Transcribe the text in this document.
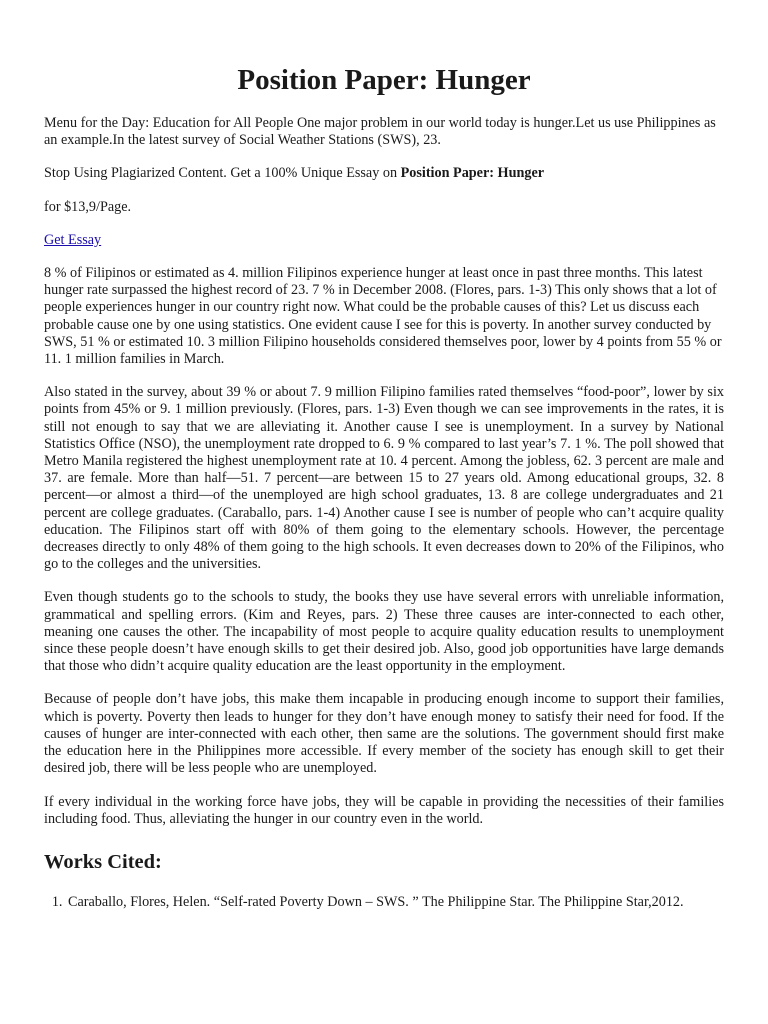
Position Paper: Hunger

Menu for the Day: Education for All People One major problem in our world today is hunger.Let us use Philippines as an example.In the latest survey of Social Weather Stations (SWS), 23.

Stop Using Plagiarized Content. Get a 100% Unique Essay on Position Paper: Hunger

for $13,9/Page.

Get Essay

8 % of Filipinos or estimated as 4. million Filipinos experience hunger at least once in past three months. This latest hunger rate surpassed the highest record of 23. 7 % in December 2008. (Flores, pars. 1-3) This only shows that a lot of people experiences hunger in our country right now. What could be the probable causes of this? Let us discuss each probable cause one by one using statistics. One evident cause I see for this is poverty. In another survey conducted by SWS, 51 % or estimated 10. 3 million Filipino households considered themselves poor, lower by 4 points from 55 % or 11. 1 million families in March.

Also stated in the survey, about 39 % or about 7. 9 million Filipino families rated themselves “food-poor”, lower by six points from 45% or 9. 1 million previously. (Flores, pars. 1-3) Even though we can see improvements in the rates, it is still not enough to say that we are alleviating it. Another cause I see is unemployment. In a survey by National Statistics Office (NSO), the unemployment rate dropped to 6. 9 % compared to last year’s 7. 1 %. The poll showed that Metro Manila registered the highest unemployment rate at 10. 4 percent. Among the jobless, 62. 3 percent are male and 37. are female. More than half—51. 7 percent—are between 15 to 27 years old. Among educational groups, 32. 8 percent—or almost a third—of the unemployed are high school graduates, 13. 8 are college undergraduates and 21 percent are college graduates. (Caraballo, pars. 1-4) Another cause I see is number of people who can’t acquire quality education. The Filipinos start off with 80% of them going to the elementary schools. However, the percentage decreases directly to only 48% of them going to the high schools. It even decreases down to 20% of the Filipinos, who go to the colleges and the universities.

Even though students go to the schools to study, the books they use have several errors with unreliable information, grammatical and spelling errors. (Kim and Reyes, pars. 2) These three causes are inter-connected to each other, meaning one causes the other. The incapability of most people to acquire quality education results to unemployment since these people doesn’t have enough skills to get their desired job. Also, good job opportunities have large demands that those who didn’t acquire quality education are the least opportunity in the employment.

Because of people don’t have jobs, this make them incapable in producing enough income to support their families, which is poverty. Poverty then leads to hunger for they don’t have enough money to satisfy their need for food. If the causes of hunger are inter-connected with each other, then same are the solutions. The government should first make the education here in the Philippines more accessible. If every member of the society has enough skill to get their desired job, there will be less people who are unemployed.

If every individual in the working force have jobs, they will be capable in providing the necessities of their families including food. Thus, alleviating the hunger in our country even in the world.

Works Cited:
1. Caraballo, Flores, Helen. “Self-rated Poverty Down – SWS. ” The Philippine Star. The Philippine Star,2012.
